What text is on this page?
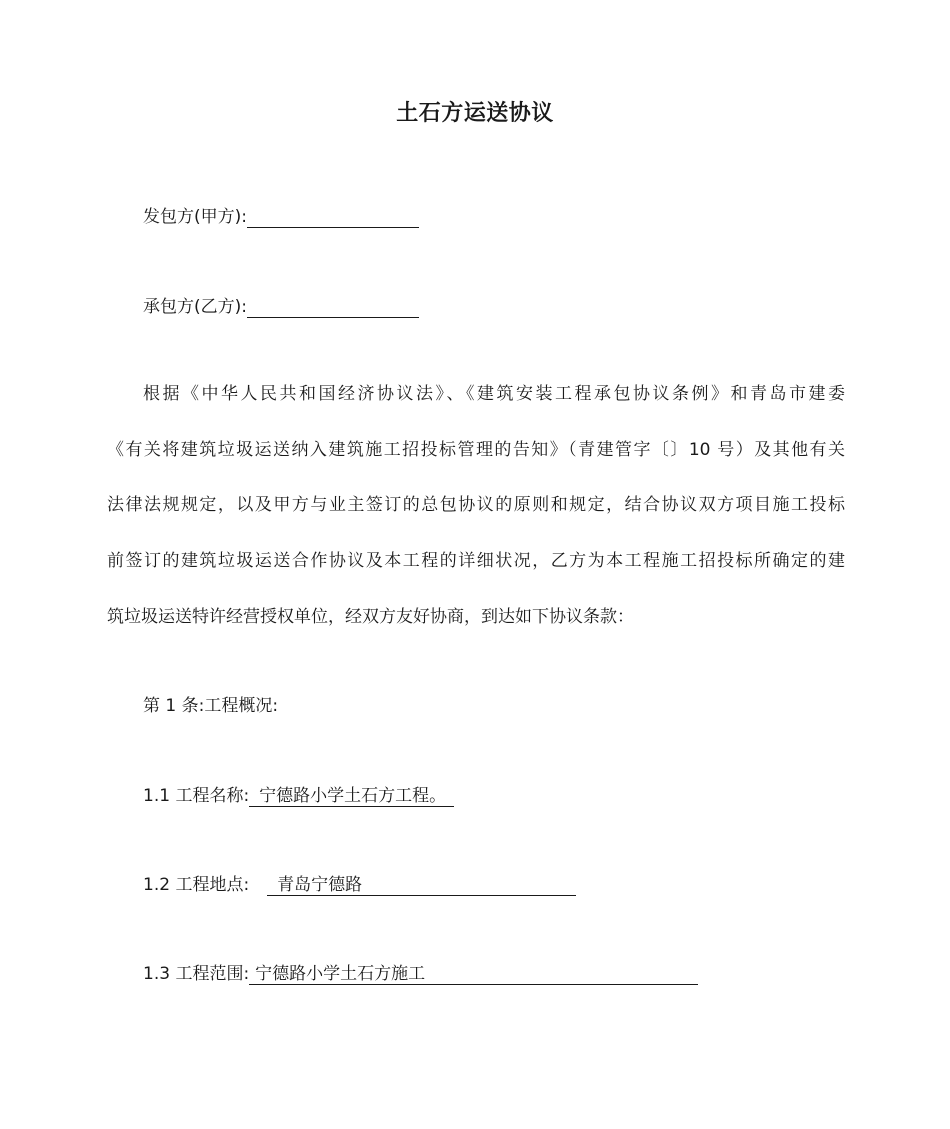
土石方运送协议
发包方(甲方):
承包方(乙方):
根据《中华人民共和国经济协议法》、《建筑安装工程承包协议条例》和青岛市建委
《有关将建筑垃圾运送纳入建筑施工招投标管理的告知》（青建管字〔〕10 号）及其他有关
法律法规规定，以及甲方与业主签订的总包协议的原则和规定，结合协议双方项目施工投标
前签订的建筑垃圾运送合作协议及本工程的详细状况，乙方为本工程施工招投标所确定的建
筑垃圾运送特许经营授权单位，经双方友好协商，到达如下协议条款：
第 1 条:工程概况:
1.1 工程名称: 宁德路小学土石方工程。
1.2 工程地点: 青岛宁德路
1.3 工程范围: 宁德路小学土石方施工
